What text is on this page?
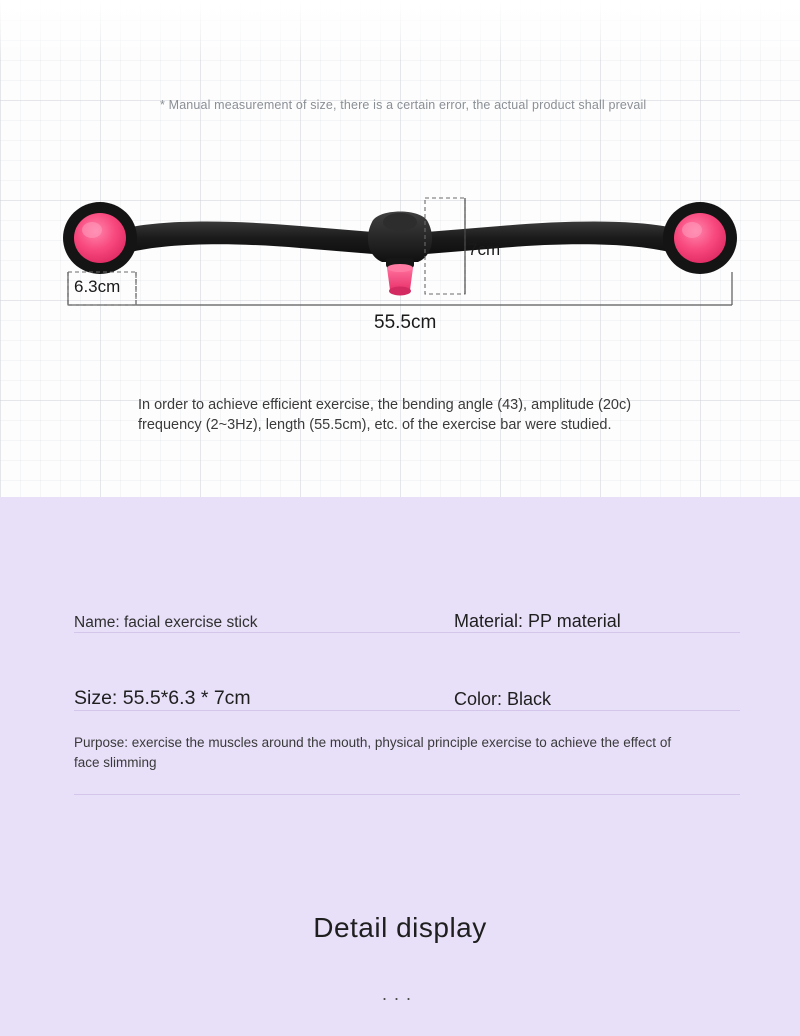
* Manual measurement of size, there is a certain error, the actual product shall prevail
6.3cm
7cm
55.5cm
In order to achieve efficient exercise, the bending angle (43), amplitude (20c) frequency (2~3Hz), length (55.5cm), etc. of the exercise bar were studied.
Name: facial exercise stick	Material: PP material
Size: 55.5*6.3 * 7cm	Color: Black
Purpose: exercise the muscles around the mouth, physical principle exercise to achieve the effect of face slimming
Detail display
...
